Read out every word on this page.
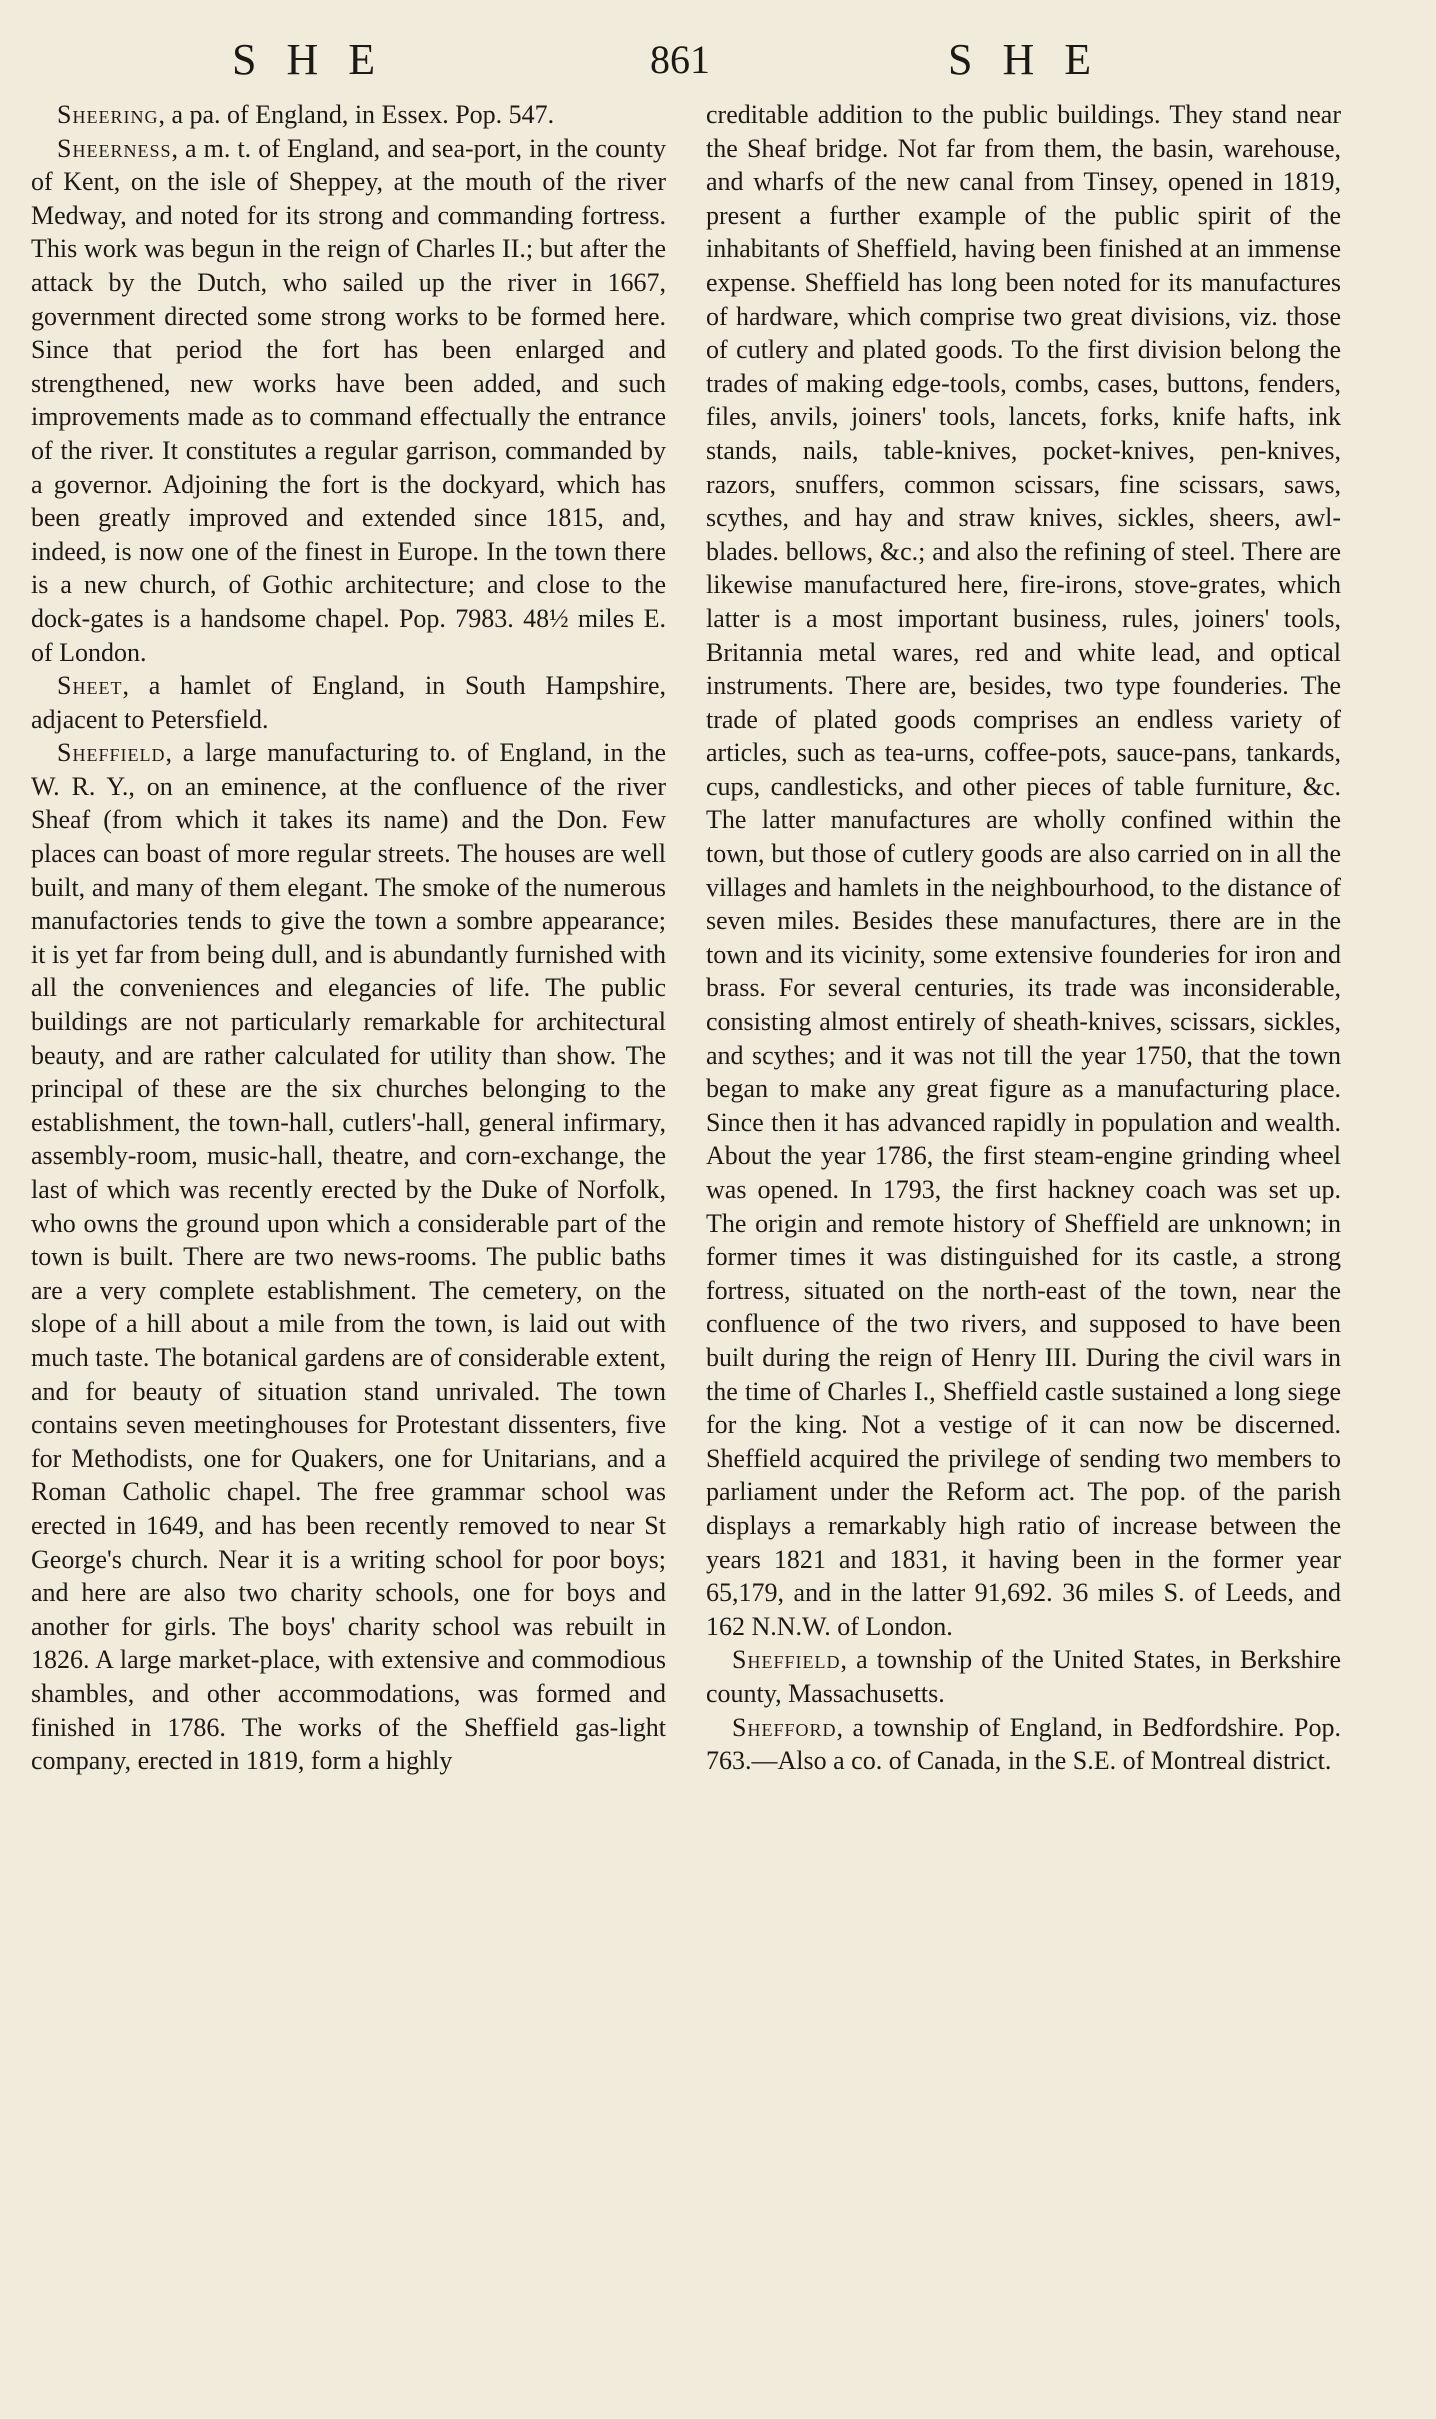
SHE	861	SHE

Sheering, a pa. of England, in Essex. Pop. 547.

Sheerness, a m. t. of England, and sea-port, in the county of Kent, on the isle of Sheppey, at the mouth of the river Medway, and noted for its strong and commanding fortress. This work was begun in the reign of Charles II.; but after the attack by the Dutch, who sailed up the river in 1667, government directed some strong works to be formed here. Since that period the fort has been enlarged and strengthened, new works have been added, and such improvements made as to command effectually the entrance of the river. It constitutes a regular garrison, commanded by a governor. Adjoining the fort is the dockyard, which has been greatly improved and extended since 1815, and, indeed, is now one of the finest in Europe. In the town there is a new church, of Gothic architecture; and close to the dock-gates is a handsome chapel. Pop. 7983. 48½ miles E. of London.

Sheet, a hamlet of England, in South Hampshire, adjacent to Petersfield.

Sheffield, a large manufacturing to. of England, in the W. R. Y., on an eminence, at the confluence of the river Sheaf (from which it takes its name) and the Don. Few places can boast of more regular streets. The houses are well built, and many of them elegant. The smoke of the numerous manufactories tends to give the town a sombre appearance; it is yet far from being dull, and is abundantly furnished with all the conveniences and elegancies of life. The public buildings are not particularly remarkable for architectural beauty, and are rather calculated for utility than show. The principal of these are the six churches belonging to the establishment, the town-hall, cutlers'-hall, general infirmary, assembly-room, music-hall, theatre, and corn-exchange, the last of which was recently erected by the Duke of Norfolk, who owns the ground upon which a considerable part of the town is built. There are two news-rooms. The public baths are a very complete establishment. The cemetery, on the slope of a hill about a mile from the town, is laid out with much taste. The botanical gardens are of considerable extent, and for beauty of situation stand unrivaled. The town contains seven meetinghouses for Protestant dissenters, five for Methodists, one for Quakers, one for Unitarians, and a Roman Catholic chapel. The free grammar school was erected in 1649, and has been recently removed to near St George's church. Near it is a writing school for poor boys; and here are also two charity schools, one for boys and another for girls. The boys' charity school was rebuilt in 1826. A large market-place, with extensive and commodious shambles, and other accommodations, was formed and finished in 1786. The works of the Sheffield gas-light company, erected in 1819, form a highly

creditable addition to the public buildings. They stand near the Sheaf bridge. Not far from them, the basin, warehouse, and wharfs of the new canal from Tinsey, opened in 1819, present a further example of the public spirit of the inhabitants of Sheffield, having been finished at an immense expense. Sheffield has long been noted for its manufactures of hardware, which comprise two great divisions, viz. those of cutlery and plated goods. To the first division belong the trades of making edge-tools, combs, cases, buttons, fenders, files, anvils, joiners' tools, lancets, forks, knife hafts, ink stands, nails, table-knives, pocket-knives, pen-knives, razors, snuffers, common scissars, fine scissars, saws, scythes, and hay and straw knives, sickles, sheers, awl-blades. bellows, &c.; and also the refining of steel. There are likewise manufactured here, fire-irons, stove-grates, which latter is a most important business, rules, joiners' tools, Britannia metal wares, red and white lead, and optical instruments. There are, besides, two type founderies. The trade of plated goods comprises an endless variety of articles, such as tea-urns, coffee-pots, sauce-pans, tankards, cups, candlesticks, and other pieces of table furniture, &c. The latter manufactures are wholly confined within the town, but those of cutlery goods are also carried on in all the villages and hamlets in the neighbourhood, to the distance of seven miles. Besides these manufactures, there are in the town and its vicinity, some extensive founderies for iron and brass. For several centuries, its trade was inconsiderable, consisting almost entirely of sheath-knives, scissars, sickles, and scythes; and it was not till the year 1750, that the town began to make any great figure as a manufacturing place. Since then it has advanced rapidly in population and wealth. About the year 1786, the first steam-engine grinding wheel was opened. In 1793, the first hackney coach was set up. The origin and remote history of Sheffield are unknown; in former times it was distinguished for its castle, a strong fortress, situated on the north-east of the town, near the confluence of the two rivers, and supposed to have been built during the reign of Henry III. During the civil wars in the time of Charles I., Sheffield castle sustained a long siege for the king. Not a vestige of it can now be discerned. Sheffield acquired the privilege of sending two members to parliament under the Reform act. The pop. of the parish displays a remarkably high ratio of increase between the years 1821 and 1831, it having been in the former year 65,179, and in the latter 91,692. 36 miles S. of Leeds, and 162 N.N.W. of London.

Sheffield, a township of the United States, in Berkshire county, Massachusetts.

Shefford, a township of England, in Bedfordshire. Pop. 763.—Also a co. of Canada, in the S.E. of Montreal district.
